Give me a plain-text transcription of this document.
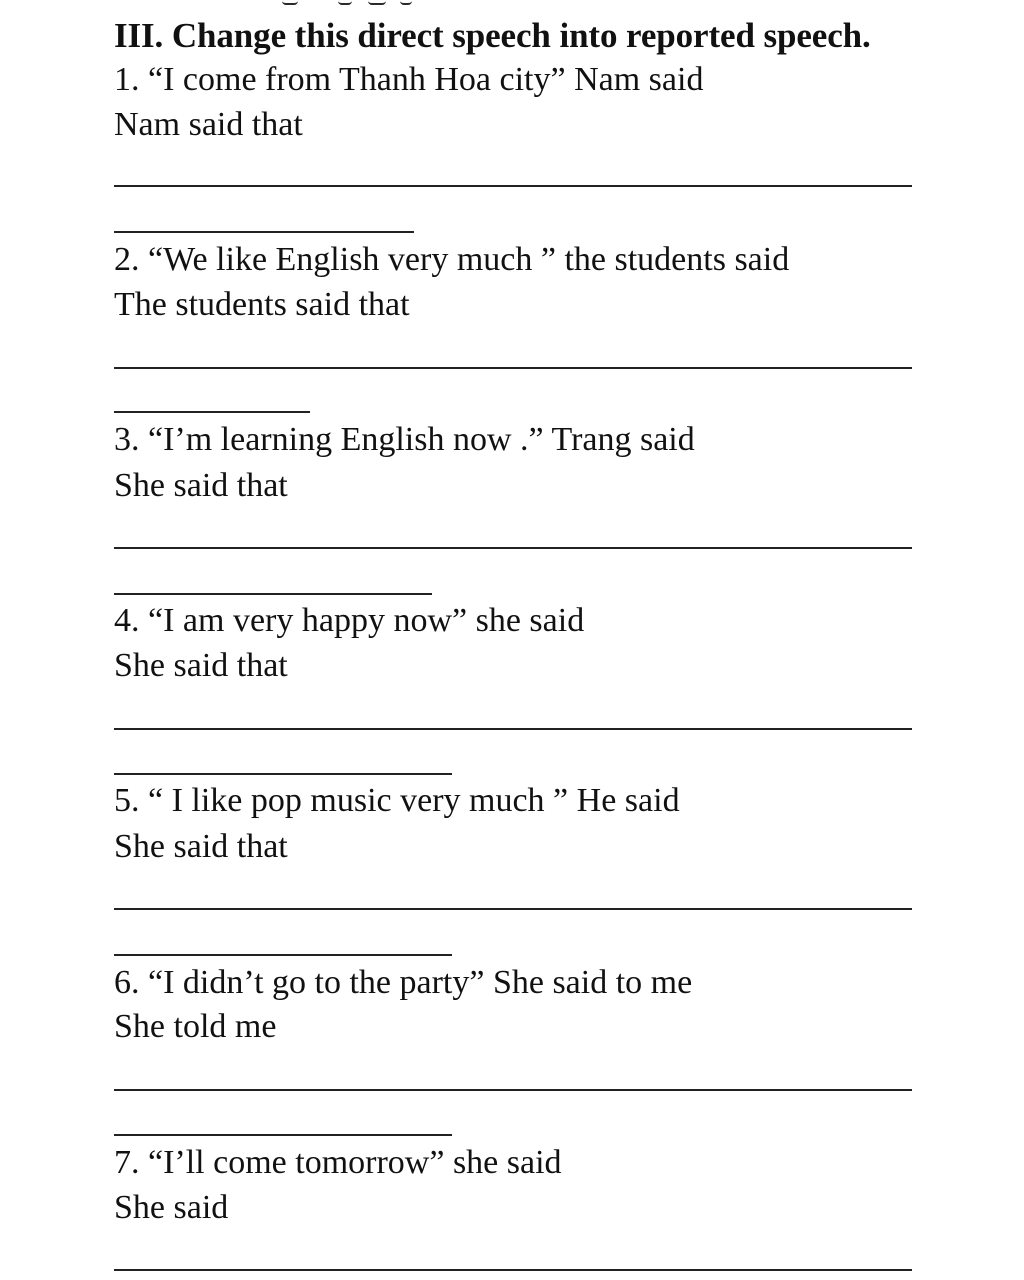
III. Change this direct speech into reported speech.
1. “I come from Thanh Hoa city” Nam said
Nam said that
2. “We like English very much ” the students said
The students said that
3. “I’m learning English now .” Trang said
She said that
4. “I am very happy now” she said
She said that
5. “ I like pop music very much ” He said
She said that
6. “I didn’t go to the party” She said to me
She told me
7. “I’ll come tomorrow” she said
She said
